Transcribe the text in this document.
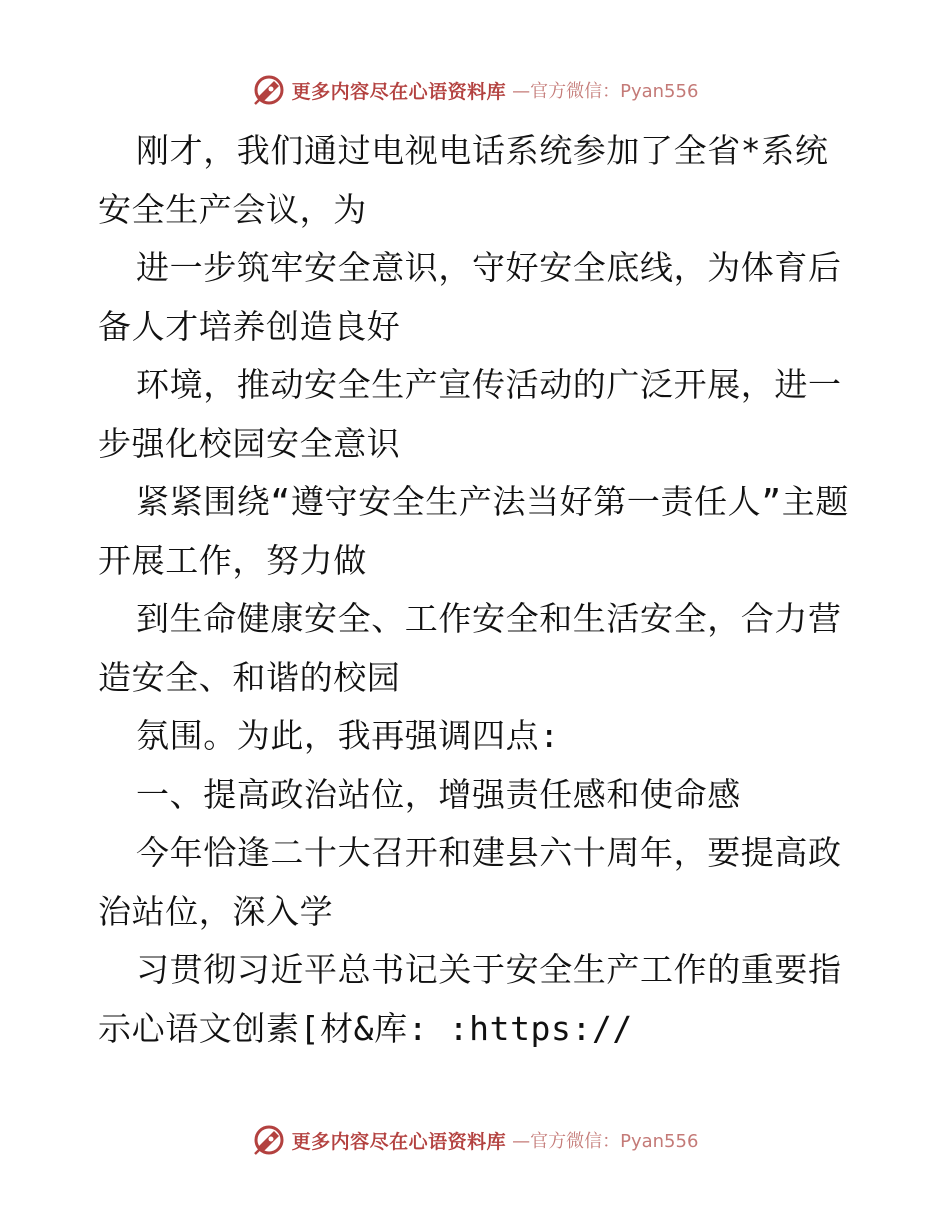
更多内容尽在心语资料库 —官方微信：Pyan556

刚才，我们通过电视电话系统参加了全省*系统安全生产会议，为

进一步筑牢安全意识，守好安全底线，为体育后备人才培养创造良好

环境，推动安全生产宣传活动的广泛开展，进一步强化校园安全意识

紧紧围绕“遵守安全生产法当好第一责任人”主题开展工作，努力做

到生命健康安全、工作安全和生活安全，合力营造安全、和谐的校园

氛围。为此，我再强调四点:

一、提高政治站位，增强责任感和使命感

今年恰逢二十大召开和建县六十周年，要提高政治站位，深入学

习贯彻习近平总书记关于安全生产工作的重要指示心语文创素[材&库: :https://

更多内容尽在心语资料库 —官方微信：Pyan556
